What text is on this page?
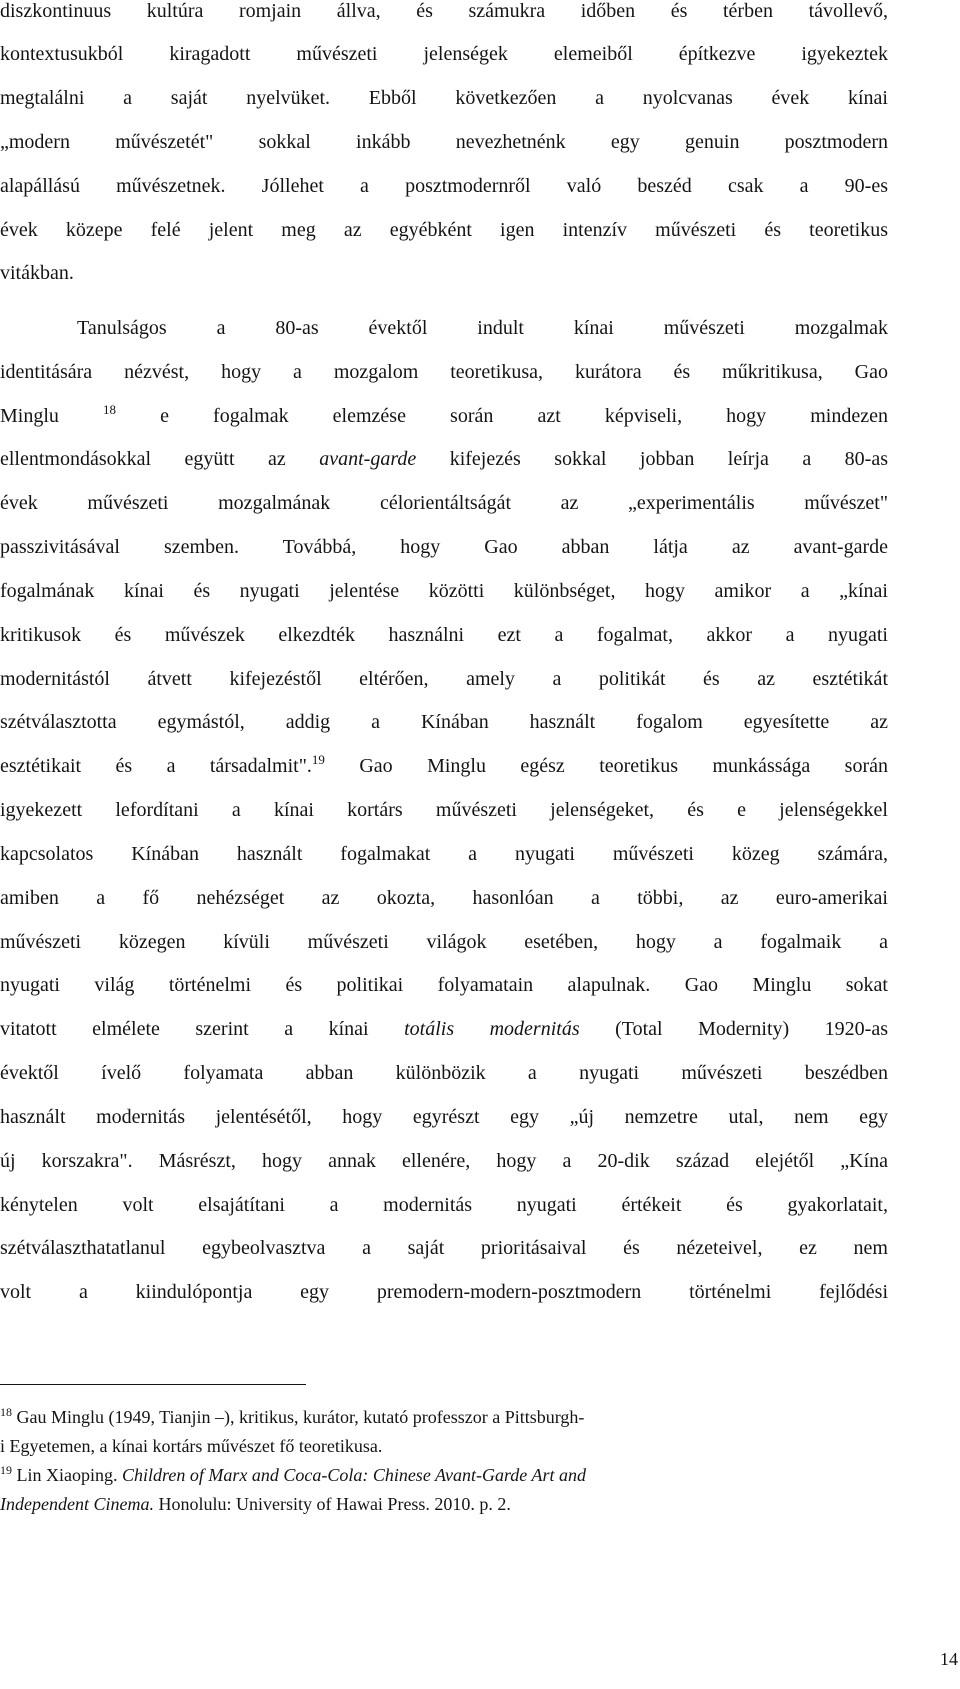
diszkontinuus kultúra romjain állva, és számukra időben és térben távollevő,
kontextusukból kiragadott művészeti jelenségek elemeiből építkezve igyekeztek
megtalálni a saját nyelvüket. Ebből következően a nyolcvanas évek kínai
„modern művészetét" sokkal inkább nevezhetnénk egy genuin posztmodern
alapállású művészetnek. Jóllehet a posztmodernről való beszéd csak a 90-es
évek közepe felé jelent meg az egyébként igen intenzív művészeti és teoretikus
vitákban.
Tanulságos a 80-as évektől indult kínai művészeti mozgalmak
identitására nézvést, hogy a mozgalom teoretikusa, kurátora és műkritikusa, Gao
Minglu $^{18}$ e fogalmak elemzése során azt képviseli, hogy mindezen
ellentmondásokkal együtt az avant-garde kifejezés sokkal jobban leírja a 80-as
évek művészeti mozgalmának célorientáltságát az „experimentális művészet"
passzivitásával szemben. Továbbá, hogy Gao abban látja az avant-garde
fogalmának kínai és nyugati jelentése közötti különbséget, hogy amikor a „kínai
kritikusok és művészek elkezdték használni ezt a fogalmat, akkor a nyugati
modernitástól átvett kifejezéstől eltérően, amely a politikát és az esztétikát
szétválasztotta egymástól, addig a Kínában használt fogalom egyesítette az
esztétikait és a társadalmit".$^{19}$ Gao Minglu egész teoretikus munkássága során
igyekezett lefordítani a kínai kortárs művészeti jelenségeket, és e jelenségekkel
kapcsolatos Kínában használt fogalmakat a nyugati művészeti közeg számára,
amiben a fő nehézséget az okozta, hasonlóan a többi, az euro-amerikai
művészeti közegen kívüli művészeti világok esetében, hogy a fogalmaik a
nyugati világ történelmi és politikai folyamatain alapulnak. Gao Minglu sokat
vitatott elmélete szerint a kínai totális modernitás (Total Modernity) 1920-as
évektől ívelő folyamata abban különbözik a nyugati művészeti beszédben
használt modernitás jelentésétől, hogy egyrészt egy „új nemzetre utal, nem egy
új korszakra". Másrészt, hogy annak ellenére, hogy a 20-dik század elejétől „Kína
kénytelen volt elsajátítani a modernitás nyugati értékeit és gyakorlatait,
szétválaszthatatlanul egybeolvasztva a saját prioritásaival és nézeteivel, ez nem
volt a kiindulópontja egy premodern-modern-posztmodern történelmi fejlődési
$^{18}$ Gau Minglu (1949, Tianjin –), kritikus, kurátor, kutató professzor a Pittsburgh-
i Egyetemen, a kínai kortárs művészet fő teoretikusa.
$^{19}$ Lin Xiaoping. Children of Marx and Coca-Cola: Chinese Avant-Garde Art and
Independent Cinema. Honolulu: University of Hawai Press. 2010. p. 2.
14
